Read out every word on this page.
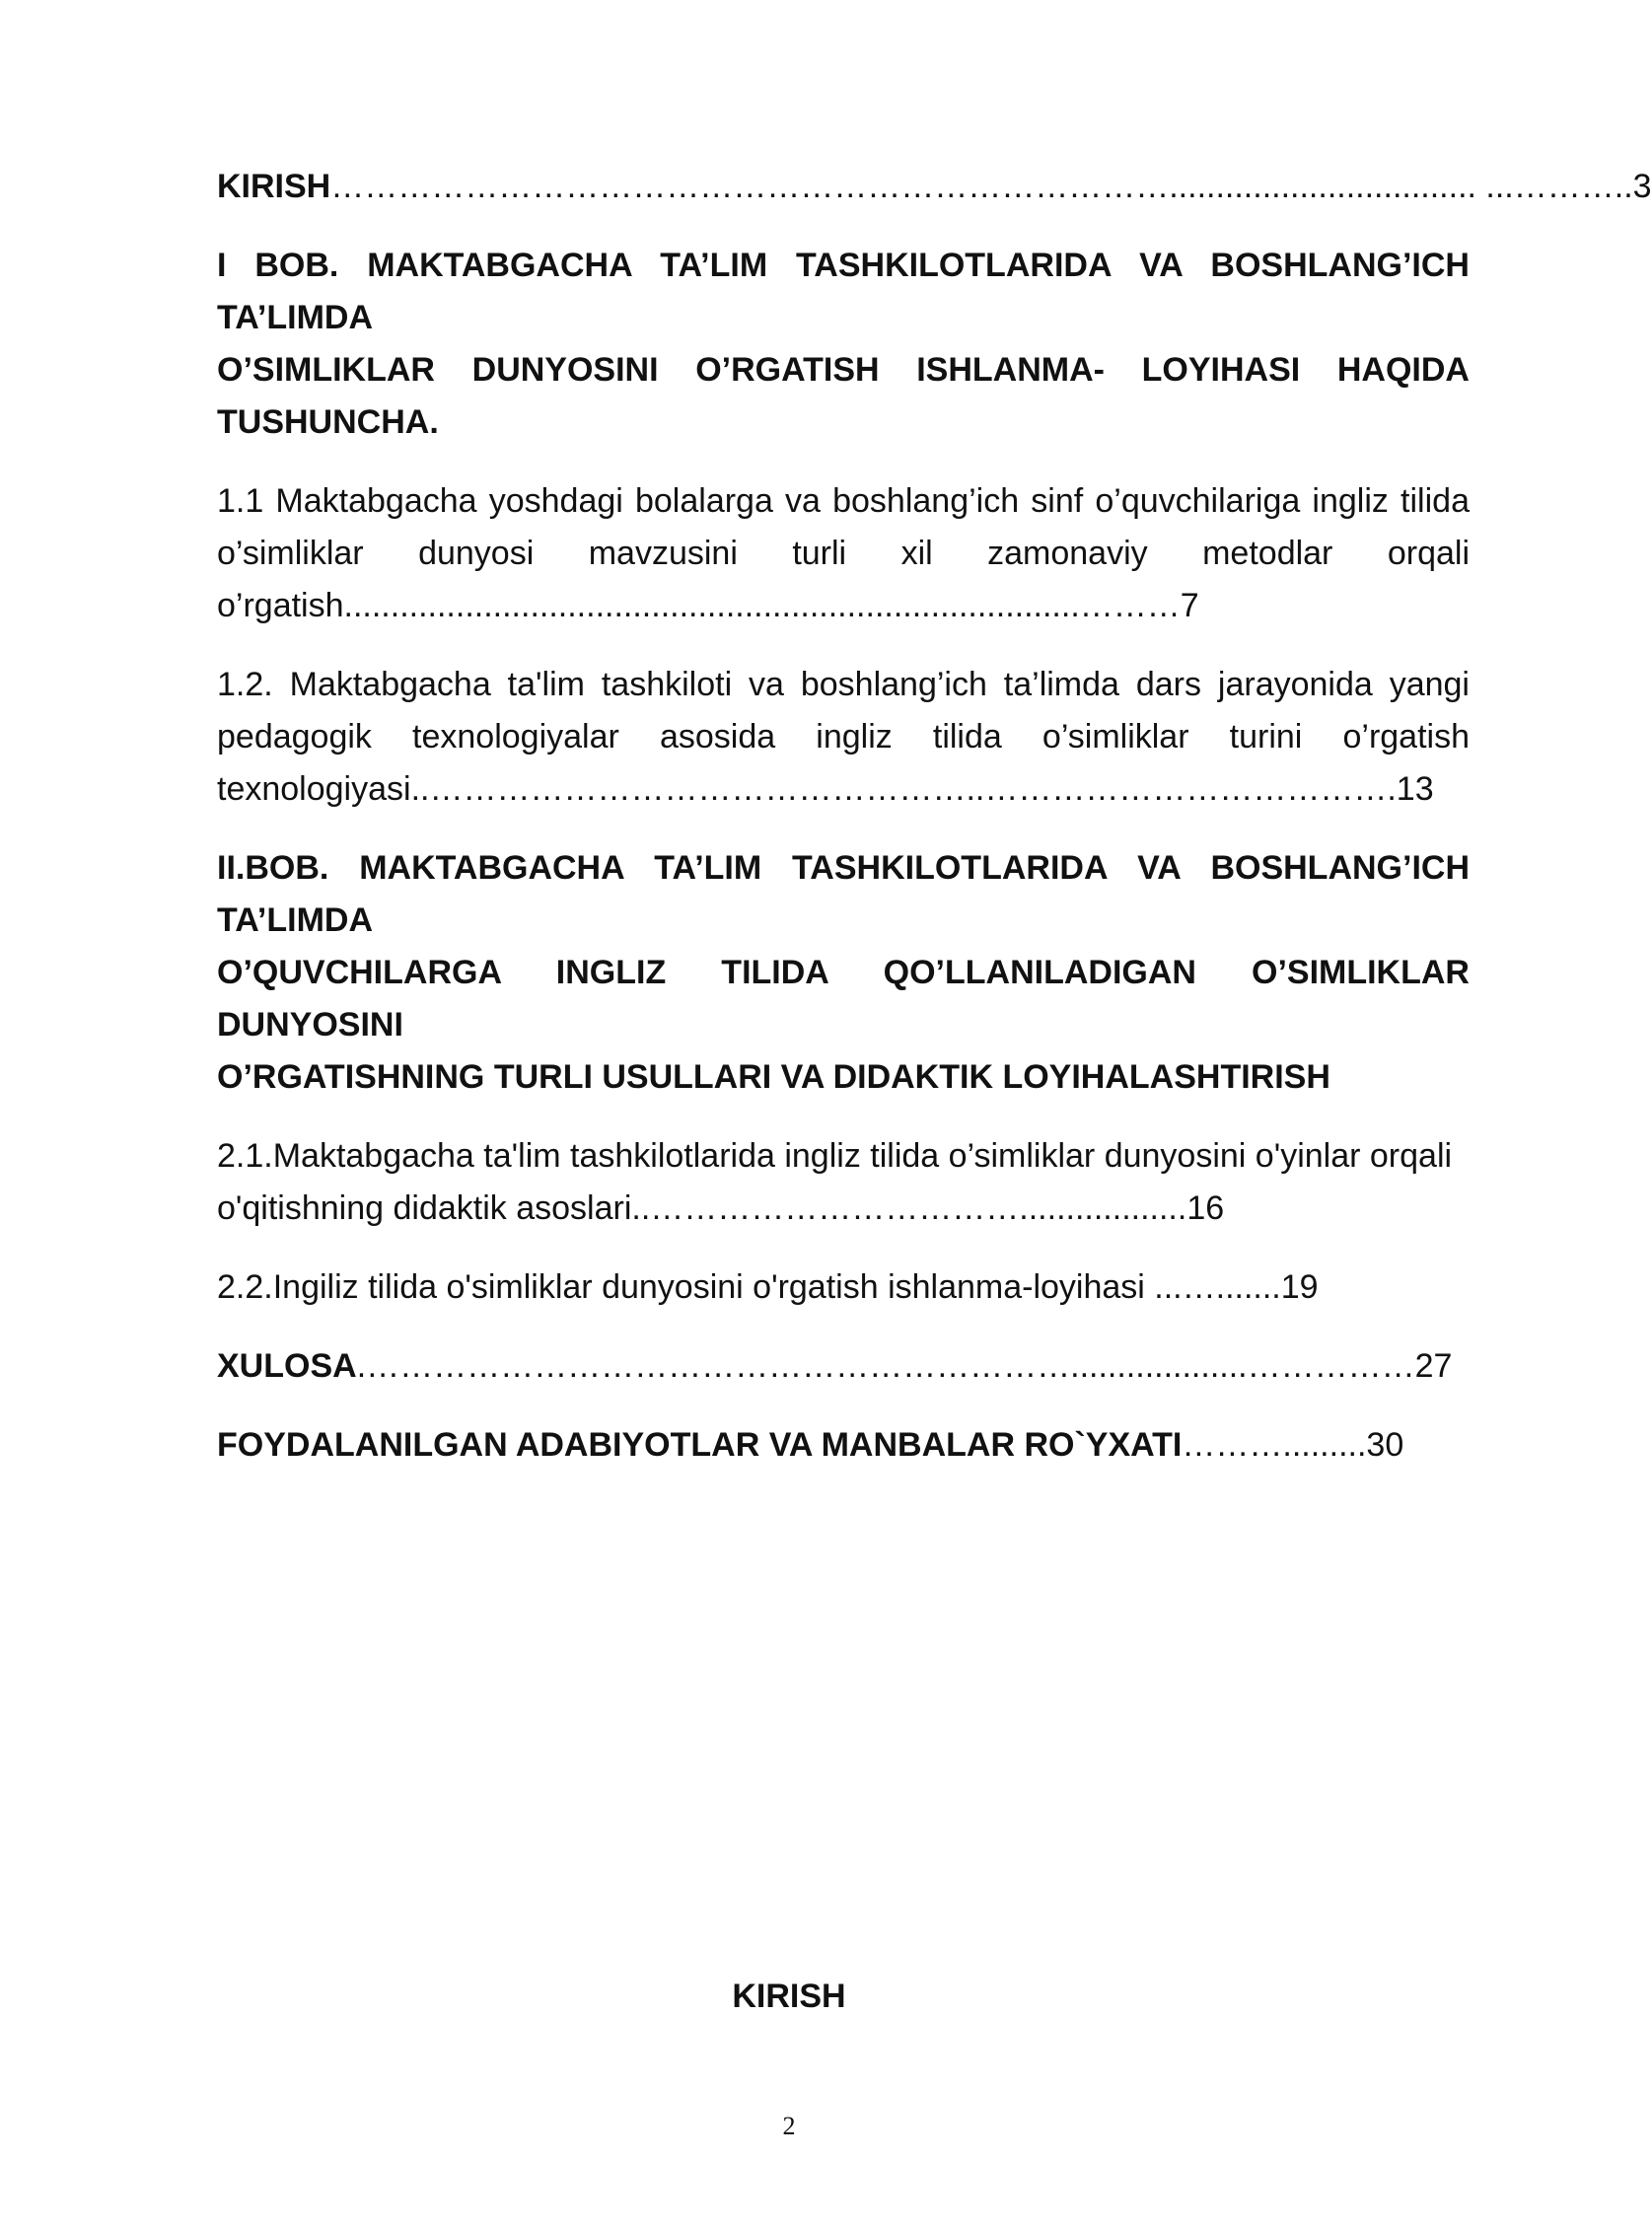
KIRISH…………………………………………………………………................................. ...………..3
I BOB. MAKTABGACHA TA’LIM TASHKILOTLARIDA VA BOSHLANG’ICH TA’LIMDA
O’SIMLIKLAR DUNYOSINI O’RGATISH ISHLANMA- LOYIHASI HAQIDA
TUSHUNCHA.
1.1 Maktabgacha yoshdagi bolalarga va boshlang’ich sinf o’quvchilariga ingliz tilida o’simliklar dunyosi mavzusini turli xil zamonaviy metodlar orqali o’rgatish...............................................................................………7
1.2. Maktabgacha ta'lim tashkiloti va boshlang’ich ta’limda dars jarayonida yangi pedagogik texnologiyalar asosida ingliz tilida o’simliklar turini o’rgatish texnologiyasi..…………………………………………..……………………………….13
II.BOB. MAKTABGACHA TA’LIM TASHKILOTLARIDA VA BOSHLANG’ICH TA’LIMDA
O’QUVCHILARGA INGLIZ TILIDA QO’LLANILADIGAN O’SIMLIKLAR DUNYOSINI
O’RGATISHNING TURLI USULLARI VA DIDAKTIK LOYIHALASHTIRISH
2.1.Maktabgacha ta'lim tashkilotlarida ingliz tilida o’simliklar dunyosini o'yinlar orqali o'qitishning didaktik asoslari..……………………………..................16
2.2.Ingiliz tilida o'simliklar dunyosini o'rgatish ishlanma-loyihasi ...….......19
XULOSA.………………………………………………………...................……………27
FOYDALANILGAN ADABIYOTLAR VA MANBALAR RO`YXATI……….........30
KIRISH
2
